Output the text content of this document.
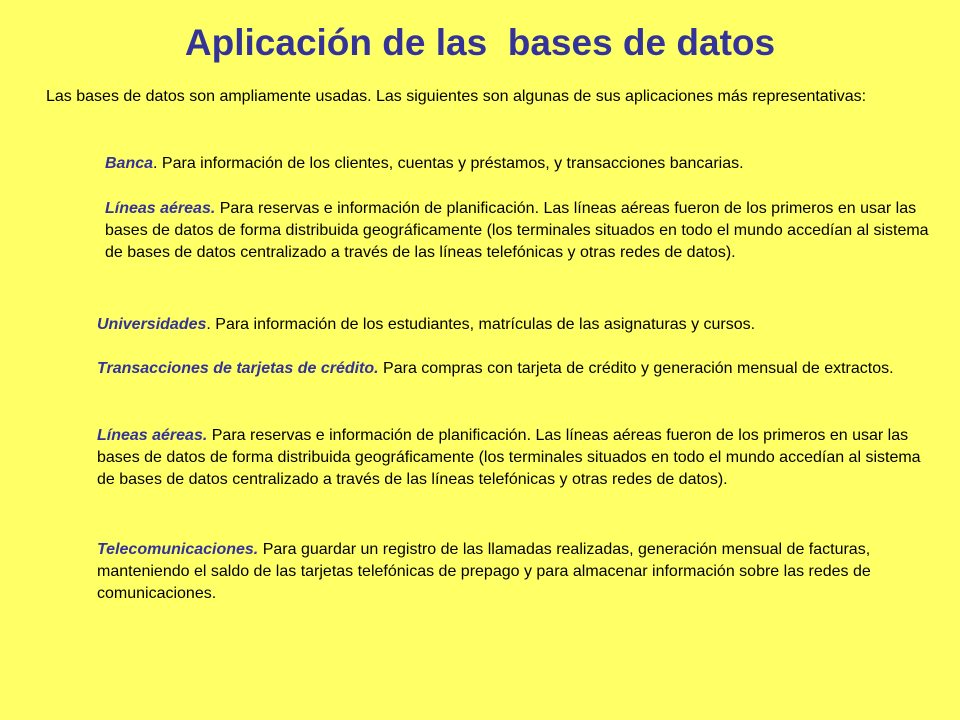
Aplicación de las  bases de datos
Las bases de datos son ampliamente usadas. Las siguientes son algunas de sus aplicaciones más representativas:
Banca. Para información de los clientes, cuentas y préstamos, y transacciones bancarias.
Líneas aéreas. Para reservas e información de planificación. Las líneas aéreas fueron de los primeros en usar las bases de datos de forma distribuida geográficamente (los terminales situados en todo el mundo accedían al sistema de bases de datos centralizado a través de las líneas telefónicas y otras redes de datos).
Universidades. Para información de los estudiantes, matrículas de las asignaturas y cursos.
Transacciones de tarjetas de crédito. Para compras con tarjeta de crédito y generación mensual de extractos.
Líneas aéreas. Para reservas e información de planificación. Las líneas aéreas fueron de los primeros en usar las bases de datos de forma distribuida geográficamente (los terminales situados en todo el mundo accedían al sistema de bases de datos centralizado a través de las líneas telefónicas y otras redes de datos).
Telecomunicaciones. Para guardar un registro de las llamadas realizadas, generación mensual de facturas, manteniendo el saldo de las tarjetas telefónicas de prepago y para almacenar información sobre las redes de comunicaciones.
